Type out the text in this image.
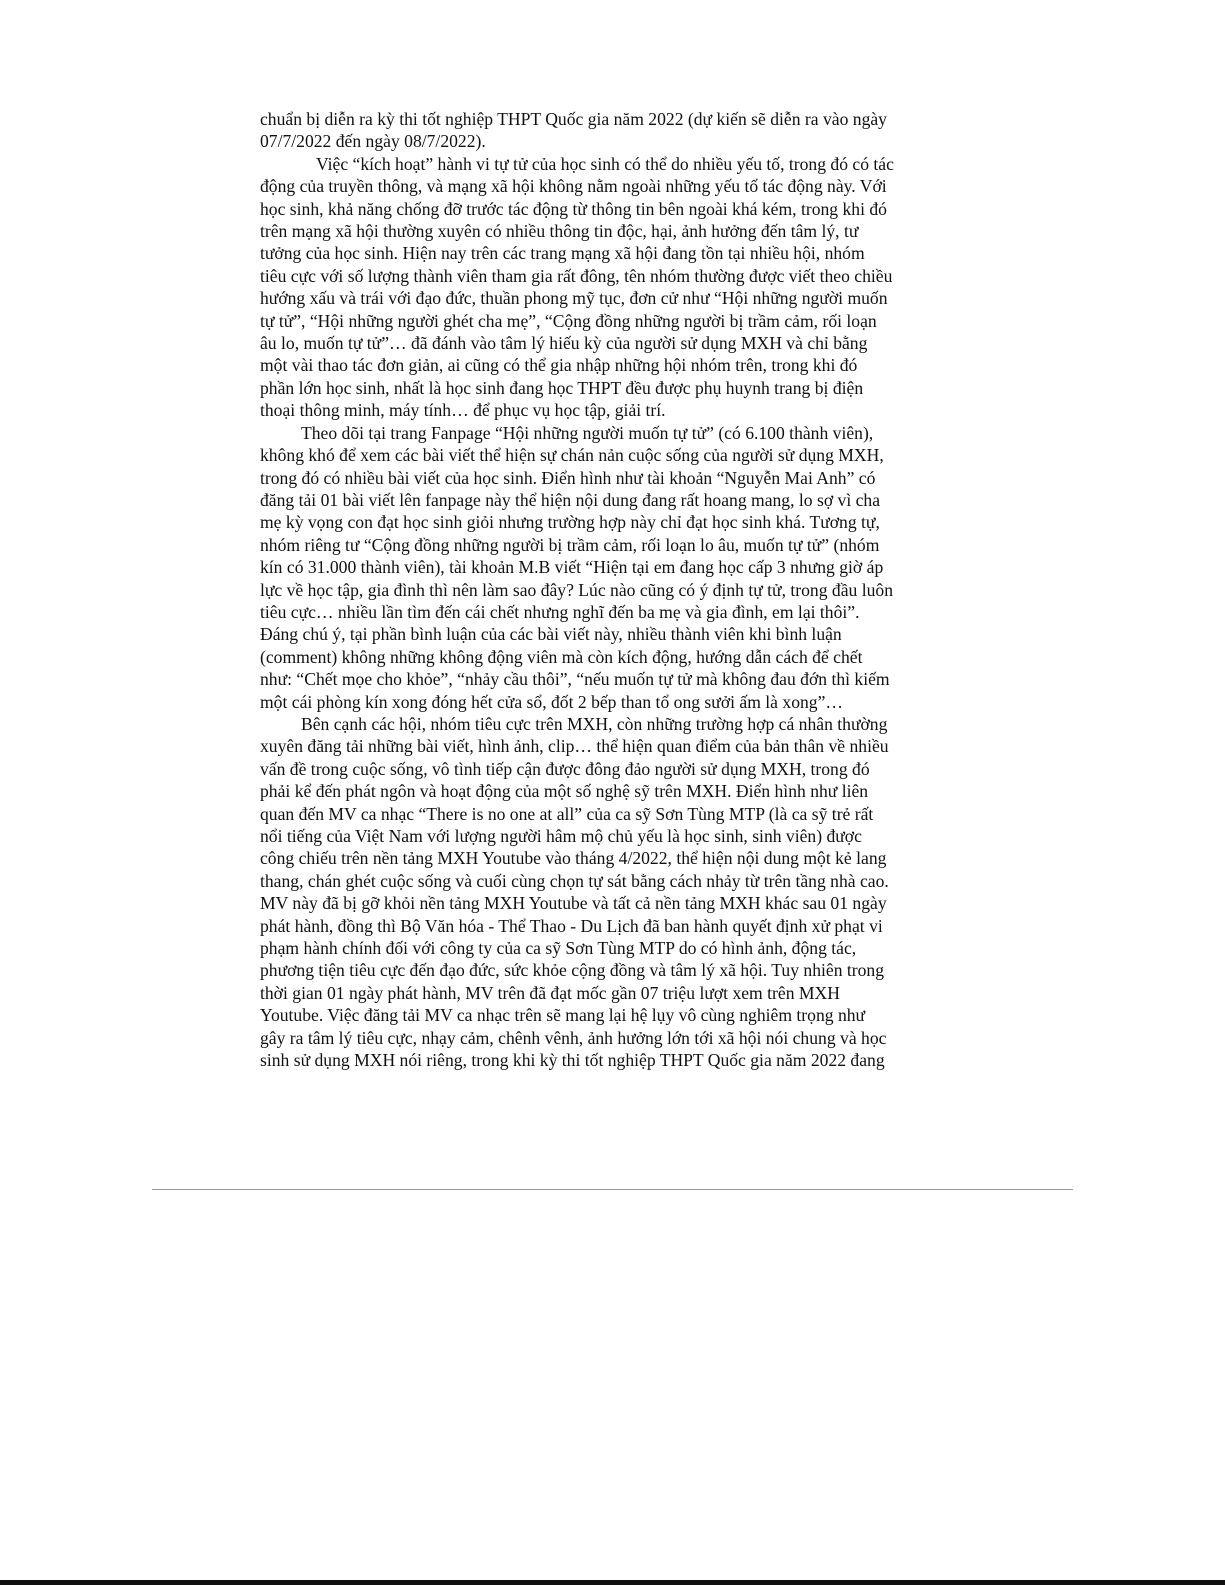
chuẩn bị diễn ra kỳ thi tốt nghiệp THPT Quốc gia năm 2022 (dự kiến sẽ diễn ra vào ngày
07/7/2022 đến ngày 08/7/2022).

Việc “kích hoạt” hành vi tự tử của học sinh có thể do nhiều yếu tố, trong đó có tác
động của truyền thông, và mạng xã hội không nằm ngoài những yếu tố tác động này. Với
học sinh, khả năng chống đỡ trước tác động từ thông tin bên ngoài khá kém, trong khi đó
trên mạng xã hội thường xuyên có nhiều thông tin độc, hại, ảnh hưởng đến tâm lý, tư
tưởng của học sinh. Hiện nay trên các trang mạng xã hội đang tồn tại nhiều hội, nhóm
tiêu cực với số lượng thành viên tham gia rất đông, tên nhóm thường được viết theo chiều
hướng xấu và trái với đạo đức, thuần phong mỹ tục, đơn cử như “Hội những người muốn
tự tử”, “Hội những người ghét cha mẹ”, “Cộng đồng những người bị trầm cảm, rối loạn
âu lo, muốn tự tử”… đã đánh vào tâm lý hiếu kỳ của người sử dụng MXH và chỉ bằng
một vài thao tác đơn giản, ai cũng có thể gia nhập những hội nhóm trên, trong khi đó
phần lớn học sinh, nhất là học sinh đang học THPT đều được phụ huynh trang bị điện
thoại thông minh, máy tính… để phục vụ học tập, giải trí.

Theo dõi tại trang Fanpage “Hội những người muốn tự tử” (có 6.100 thành viên),
không khó để xem các bài viết thể hiện sự chán nản cuộc sống của người sử dụng MXH,
trong đó có nhiều bài viết của học sinh. Điển hình như tài khoản “Nguyễn Mai Anh” có
đăng tải 01 bài viết lên fanpage này thể hiện nội dung đang rất hoang mang, lo sợ vì cha
mẹ kỳ vọng con đạt học sinh giỏi nhưng trường hợp này chỉ đạt học sinh khá. Tương tự,
nhóm riêng tư “Cộng đồng những người bị trầm cảm, rối loạn lo âu, muốn tự tử” (nhóm
kín có 31.000 thành viên), tài khoản M.B viết “Hiện tại em đang học cấp 3 nhưng giờ áp
lực về học tập, gia đình thì nên làm sao đây? Lúc nào cũng có ý định tự tử, trong đầu luôn
tiêu cực… nhiều lần tìm đến cái chết nhưng nghĩ đến ba mẹ và gia đình, em lại thôi”.
Đáng chú ý, tại phần bình luận của các bài viết này, nhiều thành viên khi bình luận
(comment) không những không động viên mà còn kích động, hướng dẫn cách để chết
như: “Chết mọe cho khỏe”, “nhảy cầu thôi”, “nếu muốn tự tử mà không đau đớn thì kiếm
một cái phòng kín xong đóng hết cửa sổ, đốt 2 bếp than tổ ong sưởi ấm là xong”…

Bên cạnh các hội, nhóm tiêu cực trên MXH, còn những trường hợp cá nhân thường
xuyên đăng tải những bài viết, hình ảnh, clip… thể hiện quan điểm của bản thân về nhiều
vấn đề trong cuộc sống, vô tình tiếp cận được đông đảo người sử dụng MXH, trong đó
phải kể đến phát ngôn và hoạt động của một số nghệ sỹ trên MXH. Điển hình như liên
quan đến MV ca nhạc “There is no one at all” của ca sỹ Sơn Tùng MTP (là ca sỹ trẻ rất
nổi tiếng của Việt Nam với lượng người hâm mộ chủ yếu là học sinh, sinh viên) được
công chiếu trên nền tảng MXH Youtube vào tháng 4/2022, thể hiện nội dung một kẻ lang
thang, chán ghét cuộc sống và cuối cùng chọn tự sát bằng cách nhảy từ trên tầng nhà cao.
MV này đã bị gỡ khỏi nền tảng MXH Youtube và tất cả nền tảng MXH khác sau 01 ngày
phát hành, đồng thì Bộ Văn hóa - Thể Thao - Du Lịch đã ban hành quyết định xử phạt vi
phạm hành chính đối với công ty của ca sỹ Sơn Tùng MTP do có hình ảnh, động tác,
phương tiện tiêu cực đến đạo đức, sức khỏe cộng đồng và tâm lý xã hội. Tuy nhiên trong
thời gian 01 ngày phát hành, MV trên đã đạt mốc gần 07 triệu lượt xem trên MXH
Youtube. Việc đăng tải MV ca nhạc trên sẽ mang lại hệ lụy vô cùng nghiêm trọng như
gây ra tâm lý tiêu cực, nhạy cảm, chênh vênh, ảnh hưởng lớn tới xã hội nói chung và học
sinh sử dụng MXH nói riêng, trong khi kỳ thi tốt nghiệp THPT Quốc gia năm 2022 đang
